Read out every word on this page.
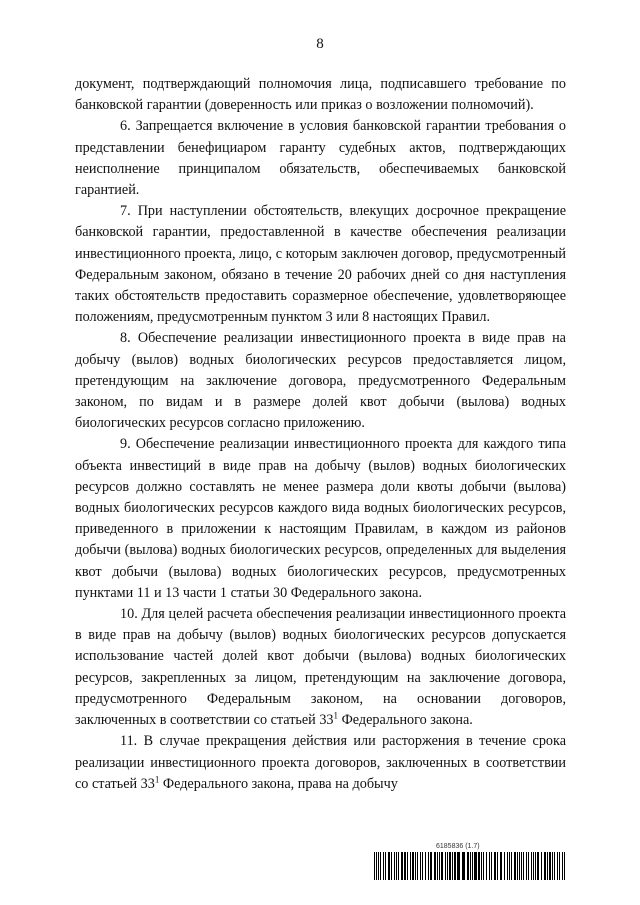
8

документ, подтверждающий полномочия лица, подписавшего требование по банковской гарантии (доверенность или приказ о возложении полномочий).

6. Запрещается включение в условия банковской гарантии требования о представлении бенефициаром гаранту судебных актов, подтверждающих неисполнение принципалом обязательств, обеспечиваемых банковской гарантией.

7. При наступлении обстоятельств, влекущих досрочное прекращение банковской гарантии, предоставленной в качестве обеспечения реализации инвестиционного проекта, лицо, с которым заключен договор, предусмотренный Федеральным законом, обязано в течение 20 рабочих дней со дня наступления таких обстоятельств предоставить соразмерное обеспечение, удовлетворяющее положениям, предусмотренным пунктом 3 или 8 настоящих Правил.

8. Обеспечение реализации инвестиционного проекта в виде прав на добычу (вылов) водных биологических ресурсов предоставляется лицом, претендующим на заключение договора, предусмотренного Федеральным законом, по видам и в размере долей квот добычи (вылова) водных биологических ресурсов согласно приложению.

9. Обеспечение реализации инвестиционного проекта для каждого типа объекта инвестиций в виде прав на добычу (вылов) водных биологических ресурсов должно составлять не менее размера доли квоты добычи (вылова) водных биологических ресурсов каждого вида водных биологических ресурсов, приведенного в приложении к настоящим Правилам, в каждом из районов добычи (вылова) водных биологических ресурсов, определенных для выделения квот добычи (вылова) водных биологических ресурсов, предусмотренных пунктами 11 и 13 части 1 статьи 30 Федерального закона.

10. Для целей расчета обеспечения реализации инвестиционного проекта в виде прав на добычу (вылов) водных биологических ресурсов допускается использование частей долей квот добычи (вылова) водных биологических ресурсов, закрепленных за лицом, претендующим на заключение договора, предусмотренного Федеральным законом, на основании договоров, заключенных в соответствии со статьей $33^1$ Федерального закона.

11. В случае прекращения действия или расторжения в течение срока реализации инвестиционного проекта договоров, заключенных в соответствии со статьей $33^1$ Федерального закона, права на добычу

6185836 (1.7)
